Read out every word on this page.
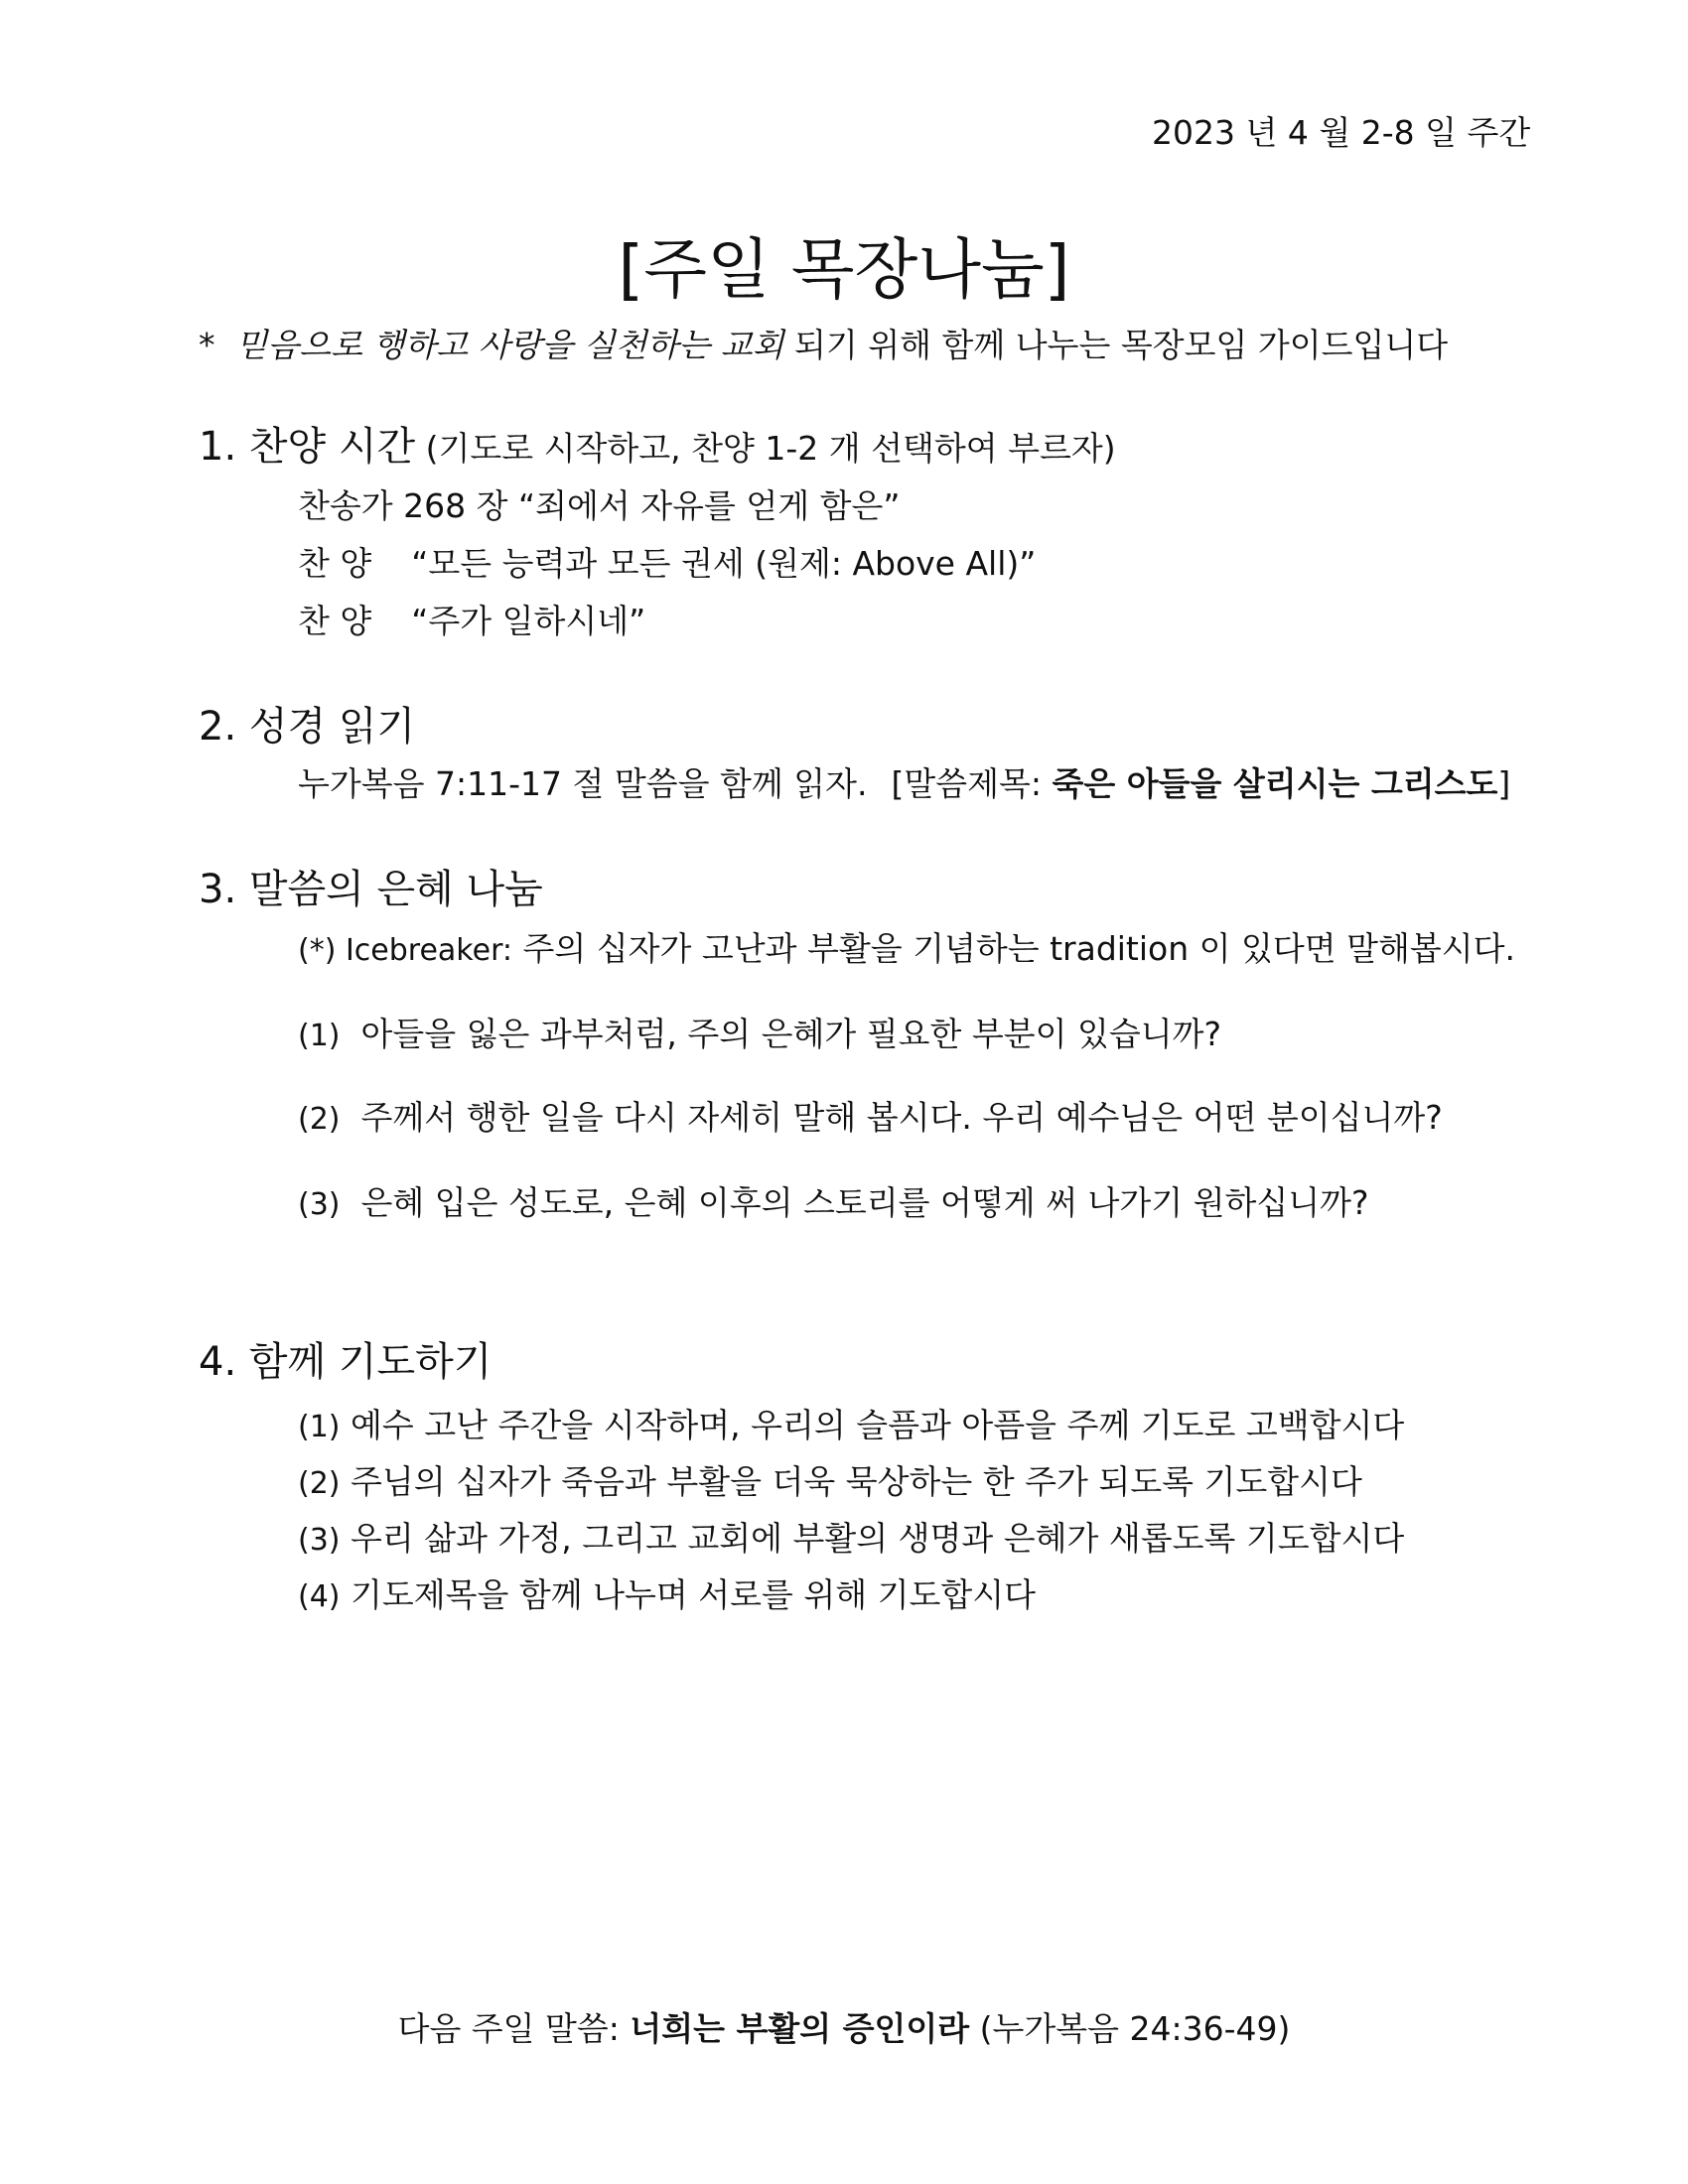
2023 년 4 월 2-8 일 주간
[주일 목장나눔]
* 믿음으로 행하고 사랑을 실천하는 교회 되기 위해 함께 나누는 목장모임 가이드입니다
1. 찬양 시간 (기도로 시작하고, 찬양 1-2 개 선택하여 부르자)
찬송가 268 장 “죄에서 자유를 얻게 함은”
찬 양 “모든 능력과 모든 권세 (원제: Above All)”
찬 양 “주가 일하시네”
2. 성경 읽기
누가복음 7:11-17 절 말씀을 함께 읽자. [말씀제목: 죽은 아들을 살리시는 그리스도]
3. 말씀의 은혜 나눔
(*) Icebreaker: 주의 십자가 고난과 부활을 기념하는 tradition 이 있다면 말해봅시다.
(1) 아들을 잃은 과부처럼, 주의 은혜가 필요한 부분이 있습니까?
(2) 주께서 행한 일을 다시 자세히 말해 봅시다. 우리 예수님은 어떤 분이십니까?
(3) 은혜 입은 성도로, 은혜 이후의 스토리를 어떻게 써 나가기 원하십니까?
4. 함께 기도하기
(1) 예수 고난 주간을 시작하며, 우리의 슬픔과 아픔을 주께 기도로 고백합시다
(2) 주님의 십자가 죽음과 부활을 더욱 묵상하는 한 주가 되도록 기도합시다
(3) 우리 삶과 가정, 그리고 교회에 부활의 생명과 은혜가 새롭도록 기도합시다
(4) 기도제목을 함께 나누며 서로를 위해 기도합시다
다음 주일 말씀: 너희는 부활의 증인이라 (누가복음 24:36-49)
